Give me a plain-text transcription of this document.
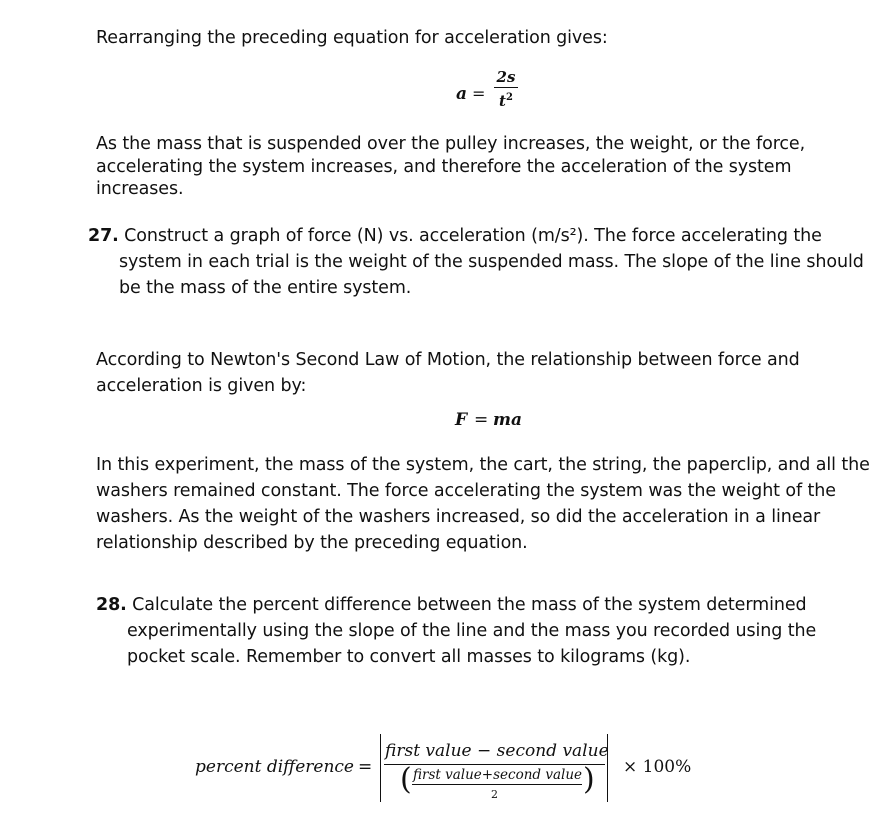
Rearranging the preceding equation for acceleration gives:
a =
2s
$t^2$
As the mass that is suspended over the pulley increases, the weight, or the force,
accelerating the system increases, and therefore the acceleration of the system
increases.
27. Construct a graph of force (N) vs. acceleration (m/s²). The force accelerating the
system in each trial is the weight of the suspended mass. The slope of the line should
be the mass of the entire system.
According to Newton's Second Law of Motion, the relationship between force and
acceleration is given by:
F = ma
In this experiment, the mass of the system, the cart, the string, the paperclip, and all the
washers remained constant. The force accelerating the system was the weight of the
washers. As the weight of the washers increased, so did the acceleration in a linear
relationship described by the preceding equation.
28. Calculate the percent difference between the mass of the system determined
experimentally using the slope of the line and the mass you recorded using the
pocket scale. Remember to convert all masses to kilograms (kg).
percent difference =
first value − second value
( first value+second value
2	) × 100%
